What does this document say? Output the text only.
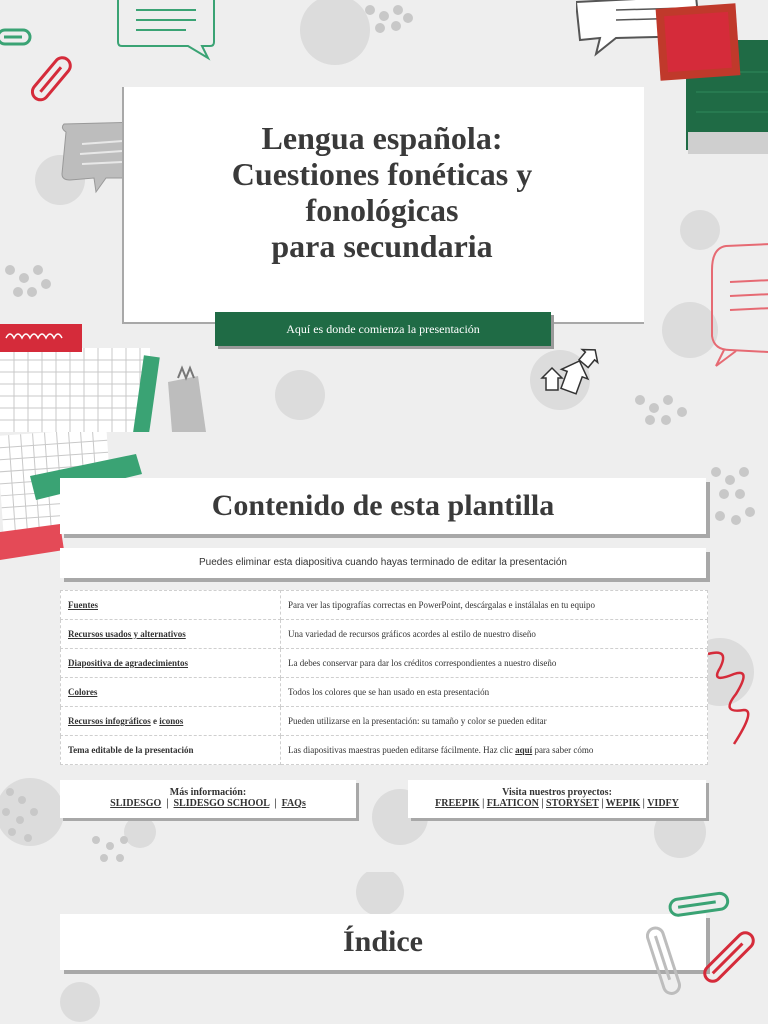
Lengua española:
Cuestiones fonéticas y
fonológicas
para secundaria
Aquí es donde comienza la presentación
Contenido de esta plantilla
Puedes eliminar esta diapositiva cuando hayas terminado de editar la presentación
Fuentes	Para ver las tipografías correctas en PowerPoint, descárgalas e instálalas en tu equipo
Recursos usados y alternativos	Una variedad de recursos gráficos acordes al estilo de nuestro diseño
Diapositiva de agradecimientos	La debes conservar para dar los créditos correspondientes a nuestro diseño
Colores	Todos los colores que se han usado en esta presentación
Recursos infográficos e iconos	Pueden utilizarse en la presentación: su tamaño y color se pueden editar
Tema editable de la presentación	Las diapositivas maestras pueden editarse fácilmente. Haz clic aquí para saber cómo
Más información:
SLIDESGO  |  SLIDESGO SCHOOL  |  FAQs
Visita nuestros proyectos:
FREEPIK | FLATICON | STORYSET | WEPIK | VIDFY
Índice
